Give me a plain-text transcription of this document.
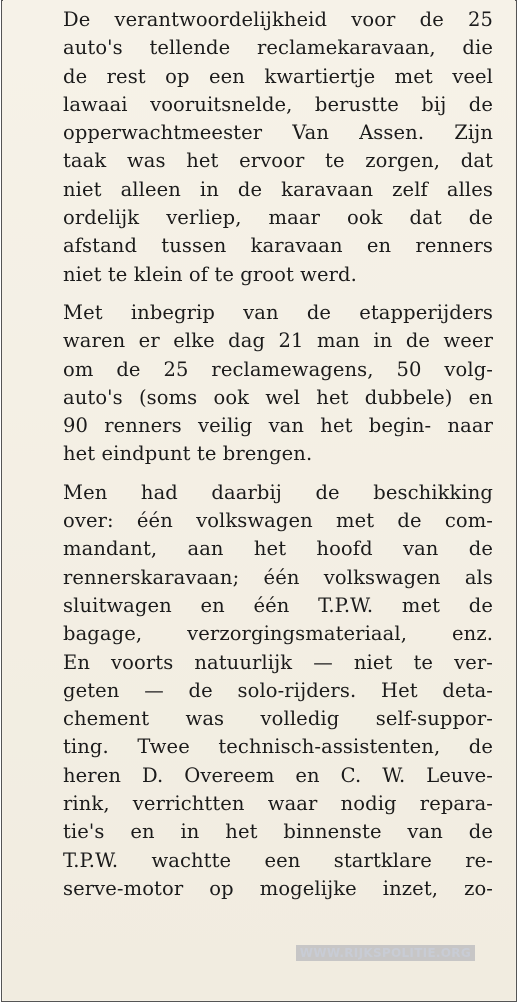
De verantwoordelijkheid voor de 25
auto's tellende reclamekaravaan, die
de rest op een kwartiertje met veel
lawaai vooruitsnelde, berustte bij de
opperwachtmeester Van Assen. Zijn
taak was het ervoor te zorgen, dat
niet alleen in de karavaan zelf alles
ordelijk verliep, maar ook dat de
afstand tussen karavaan en renners
niet te klein of te groot werd.
Met inbegrip van de etapperijders
waren er elke dag 21 man in de weer
om de 25 reclamewagens, 50 volg-
auto's (soms ook wel het dubbele) en
90 renners veilig van het begin- naar
het eindpunt te brengen.
Men had daarbij de beschikking
over: één volkswagen met de com-
mandant, aan het hoofd van de
rennerskaravaan; één volkswagen als
sluitwagen en één T.P.W. met de
bagage, verzorgingsmateriaal, enz.
En voorts natuurlijk — niet te ver-
geten — de solo-rijders. Het deta-
chement was volledig self-suppor-
ting. Twee technisch-assistenten, de
heren D. Overeem en C. W. Leuve-
rink, verrichtten waar nodig repara-
tie's en in het binnenste van de
T.P.W. wachtte een startklare re-
serve-motor op mogelijke inzet, zo-
WWW.RIJKSPOLITIE.ORG
